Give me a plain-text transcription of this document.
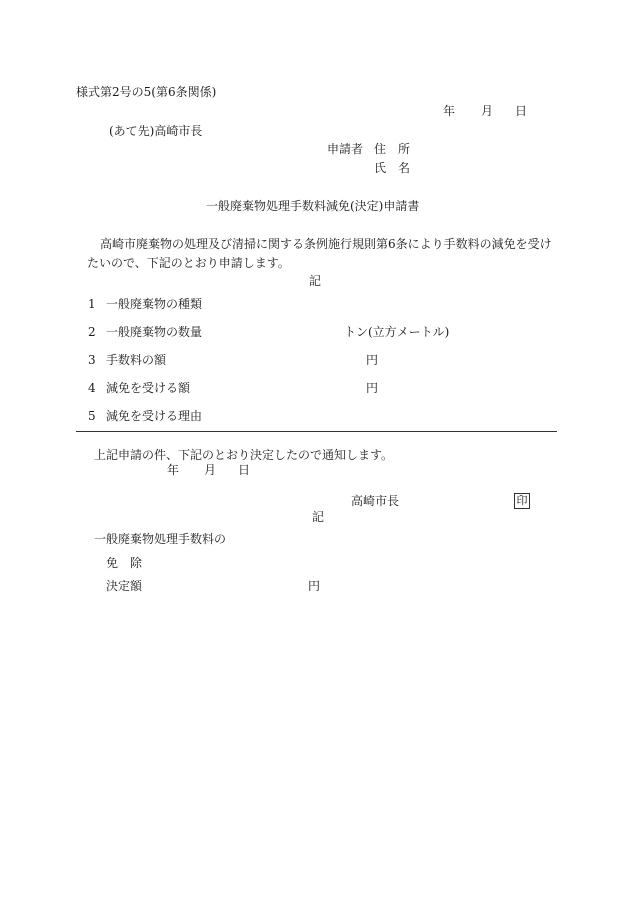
様式第2号の5(第6条関係)
年 月 日
(あて先)高崎市長
申請者 住　所
氏　名
一般廃棄物処理手数料減免(決定)申請書
高崎市廃棄物の処理及び清掃に関する条例施行規則第6条により手数料の減免を受け
たいので、下記のとおり申請します。
記
1 一般廃棄物の種類
2 一般廃棄物の数量	トン(立方メートル)
3 手数料の額	円
4 減免を受ける額	円
5 減免を受ける理由
上記申請の件、下記のとおり決定したので通知します。
年 月 日
高崎市長	印
記
一般廃棄物処理手数料の
免　除
決定額	円
